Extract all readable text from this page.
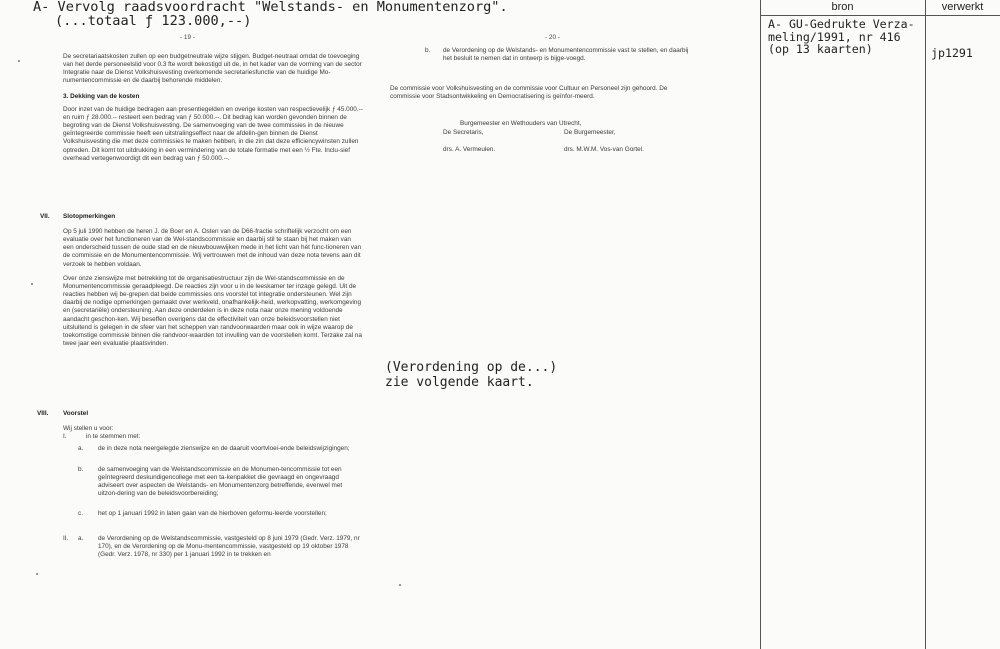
bron	verwerkt
A- GU-Gedrukte Verza-
meling/1991, nr 416
(op 13 kaarten)	jp1291
A- Vervolg raadsvoordracht "Welstands- en Monumentenzorg".
(...totaal ƒ 123.000,--)
- 19 -

De secretariaatskosten zullen op een budgetneutrale wijze stijgen. Budget-neutraal omdat de toevoeging van het derde personeelslid voor 0.3 fte wordt bekostigd uit de, in het kader van de vorming van de sector Integratie naar de Dienst Volkshuisvesting overkomende secretariesfunctie van de huidige Mo-numentencommissie en de daarbij behorende middelen.

3. Dekking van de kosten

Door inzet van de huidige bedragen aan presentiegelden en overige kosten van respectievelijk ƒ 45.000.-- en ruim ƒ 28.000.-- resteert een bedrag van ƒ 50.000.--. Dit bedrag kan worden gevonden binnen de begroting van de Dienst Volkshuisvesting. De samenvoeging van de twee commissies in de nieuwe geïntegreerde commissie heeft een uitstralingseffect naar de afdelin-gen binnen de Dienst Volkshuisvesting die met deze commissies te maken hebben, in die zin dat deze efficiencywinsten zullen optreden. Dit komt tot uitdrukking in een vermindering van de totale formatie met een ½ Fte. Inclu-sief overhead vertegenwoordigt dit een bedrag van ƒ 50.000.--.

VII. Slotopmerkingen

Op 5 juli 1990 hebben de heren J. de Boer en A. Osten van de D66-fractie schriftelijk verzocht om een evaluatie over het functioneren van de Wel-standscommissie en daarbij stil te staan bij het maken van een onderscheid tussen de oude stad en de nieuwbouwwijken mede in het licht van hét func-tioneren van de commissie en de Monumentencommissie. Wij vertrouwen met de inhoud van deze nota tevens aan dit verzoek te hebben voldaan.

Over onze zienswijze met betrekking tot de organisatiestructuur zijn de Wel-standscommissie en de Monumentencommissie geraadpleegd. De reacties zijn voor u in de leeskamer ter inzage gelegd. Uit de reacties hebben wij be-grepen dat beide commissies ons voorstel tot integratie ondersteunen. Wel zijn daarbij de nodige opmerkingen gemaakt over werkveld, onafhankelijk-heid, werkopvatting, werkomgeving en (secretariële) ondersteuning. Aan deze onderdelen is in deze nota naar onze mening voldoende aandacht geschon-ken. Wij beseffen overigens dat de effectiviteit van onze beleidsvoorstellen niet uitsluitend is gelegen in de sfeer van het scheppen van randvoorwaarden maar ook in wijze waarop de toekomstige commissie binnen die randvoor-waarden tot invulling van de voorstellen komt. Terzake zal na twee jaar een evaluatie plaatsvinden.

VIII. Voorstel
Wij stellen u voor:
I.	in te stemmen met:
a. de in deze nota neergelegde zienswijze en de daaruit voortvloei-ende beleidswijzigingen;
b. de samenvoeging van de Welstandscommissie en de Monumen-tencommissie tot een geïntegreerd deskundigencollege met een ta-kenpakket die gevraagd en ongevraagd adviseert over aspecten de Welstands- en Monumentenzorg betreffende, evenwel met uitzon-dering van de beleidsvoorbereiding;
c. het op 1 januari 1992 in laten gaan van de hierboven geformu-leerde voorstellen;
II. a. de Verordening op de Welstandscommissie, vastgesteld op 8 juni 1979 (Gedr. Verz. 1979, nr 170), en de Verordening op de Monu-mentencommissie, vastgesteld op 19 oktober 1978 (Gedr. Verz. 1978, nr 330) per 1 januari 1992 in te trekken en
- 20 -
b. de Verordening op de Welstands- en Monumentencommissie vast te stellen, en daarbij het besluit te nemen dat in ontwerp is bijge-voegd.
De commissie voor Volkshuisvesting en de commissie voor Cultuur en Personeel zijn gehoord. De commissie voor Stadsontwikkeling en Democratisering is geïnfor-meerd.
Burgemeester en Wethouders van Utrecht,
De Secretaris,	De Burgemeester,
drs. A. Vermeulen.	drs. M.W.M. Vos-van Gortel.
(Verordening op de...)
zie volgende kaart.
